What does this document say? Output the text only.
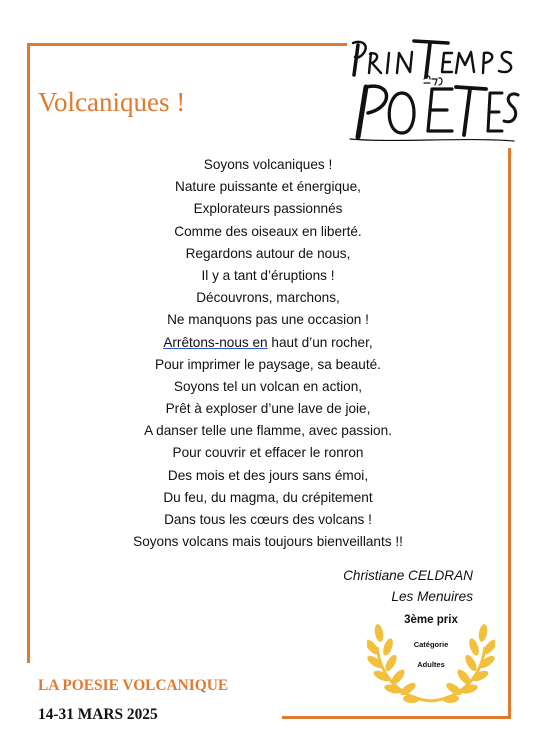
Volcaniques !
Soyons volcaniques !
Nature puissante et énergique,
Explorateurs passionnés
Comme des oiseaux en liberté.
Regardons autour de nous,
Il y a tant d’éruptions !
Découvrons, marchons,
Ne manquons pas une occasion !
Arrêtons-nous en haut d’un rocher,
Pour imprimer le paysage, sa beauté.
Soyons tel un volcan en action,
Prêt à exploser d’une lave de joie,
A danser telle une flamme, avec passion.
Pour couvrir et effacer le ronron
Des mois et des jours sans émoi,
Du feu, du magma, du crépitement
Dans tous les cœurs des volcans !
Soyons volcans mais toujours bienveillants !!
Christiane CELDRAN
Les Menuires
3ème prix
Catégorie
Adultes

LA POESIE VOLCANIQUE

14-31 MARS 2025
